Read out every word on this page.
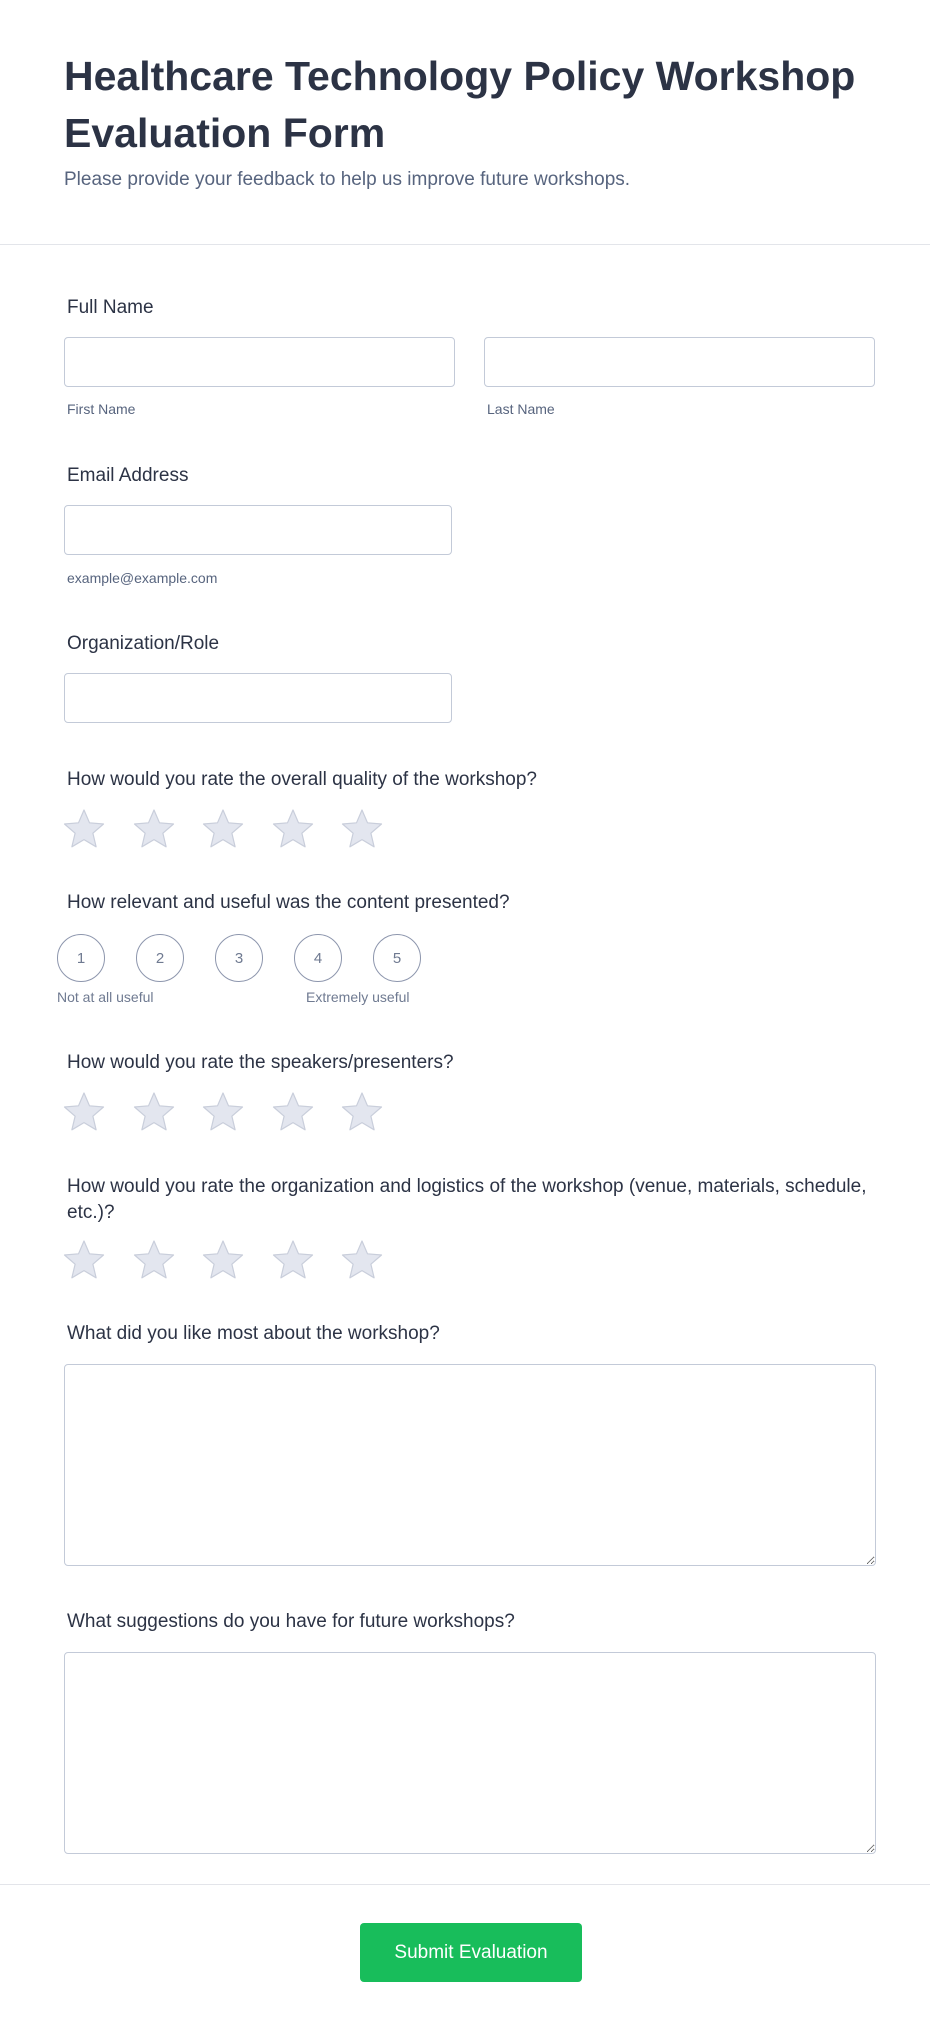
Healthcare Technology Policy Workshop Evaluation Form

Please provide your feedback to help us improve future workshops.

Full Name

First Name	Last Name

Email Address

example@example.com

Organization/Role

How would you rate the overall quality of the workshop?

How relevant and useful was the content presented?

1	2	3	4	5

Not at all useful	Extremely useful

How would you rate the speakers/presenters?

How would you rate the organization and logistics of the workshop (venue, materials, schedule, etc.)?

What did you like most about the workshop?

What suggestions do you have for future workshops?

Submit Evaluation
